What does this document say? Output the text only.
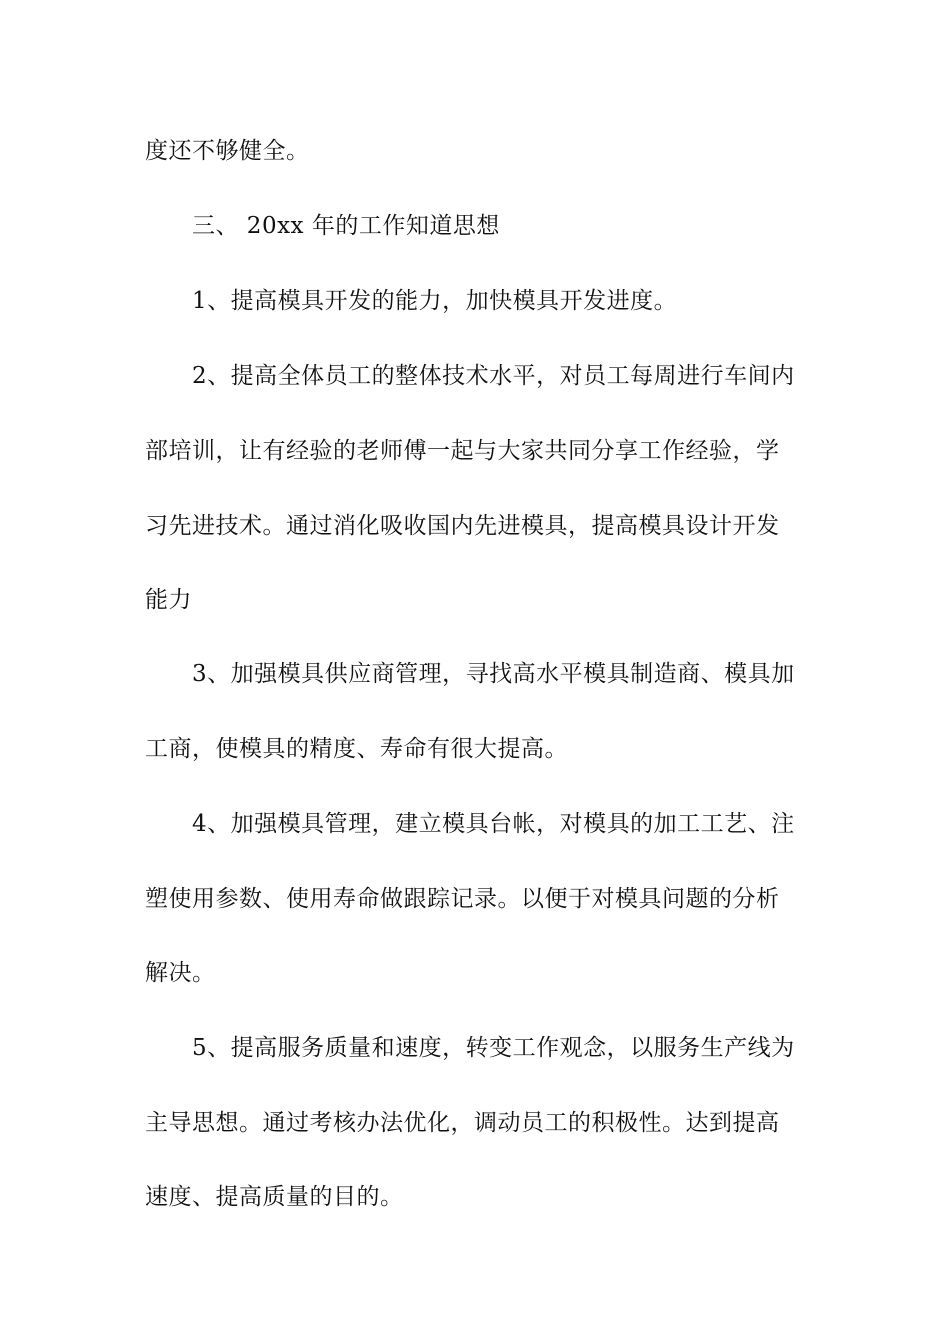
度还不够健全。
三、 20xx 年的工作知道思想
1、提高模具开发的能力，加快模具开发进度。
2、提高全体员工的整体技术水平，对员工每周进行车间内
部培训，让有经验的老师傅一起与大家共同分享工作经验，学
习先进技术。通过消化吸收国内先进模具，提高模具设计开发
能力
3、加强模具供应商管理，寻找高水平模具制造商、模具加
工商，使模具的精度、寿命有很大提高。
4、加强模具管理，建立模具台帐，对模具的加工工艺、注
塑使用参数、使用寿命做跟踪记录。以便于对模具问题的分析
解决。
5、提高服务质量和速度，转变工作观念，以服务生产线为
主导思想。通过考核办法优化，调动员工的积极性。达到提高
速度、提高质量的目的。
